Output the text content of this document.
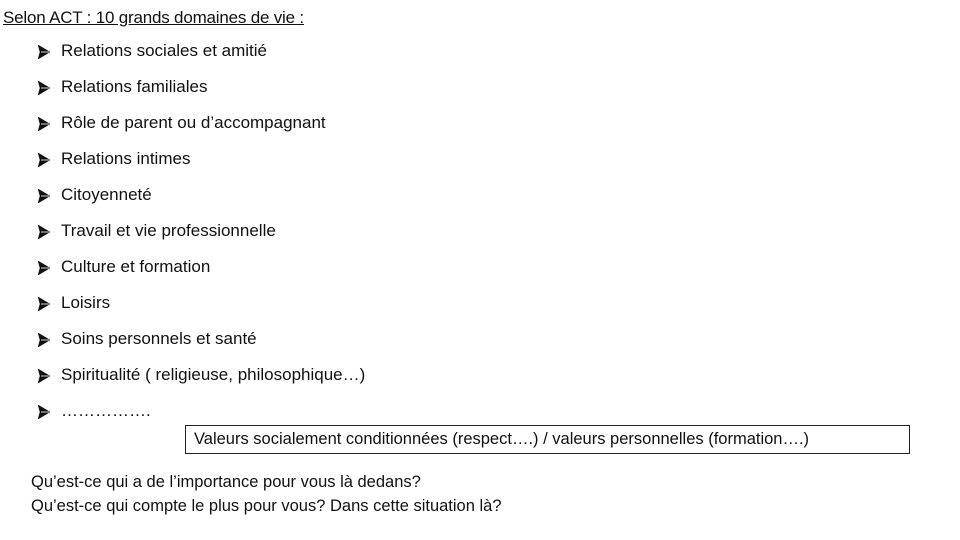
Selon ACT : 10 grands domaines de vie :
Relations sociales et amitié
Relations familiales
Rôle de parent ou d’accompagnant
Relations intimes
Citoyenneté
Travail et vie professionnelle
Culture et formation
Loisirs
Soins personnels et santé
Spiritualité ( religieuse, philosophique…)
…………….
Valeurs socialement conditionnées (respect….) / valeurs personnelles (formation….)
Qu’est-ce qui a de l’importance pour vous là dedans?
Qu’est-ce qui compte le plus pour vous? Dans cette situation là?
